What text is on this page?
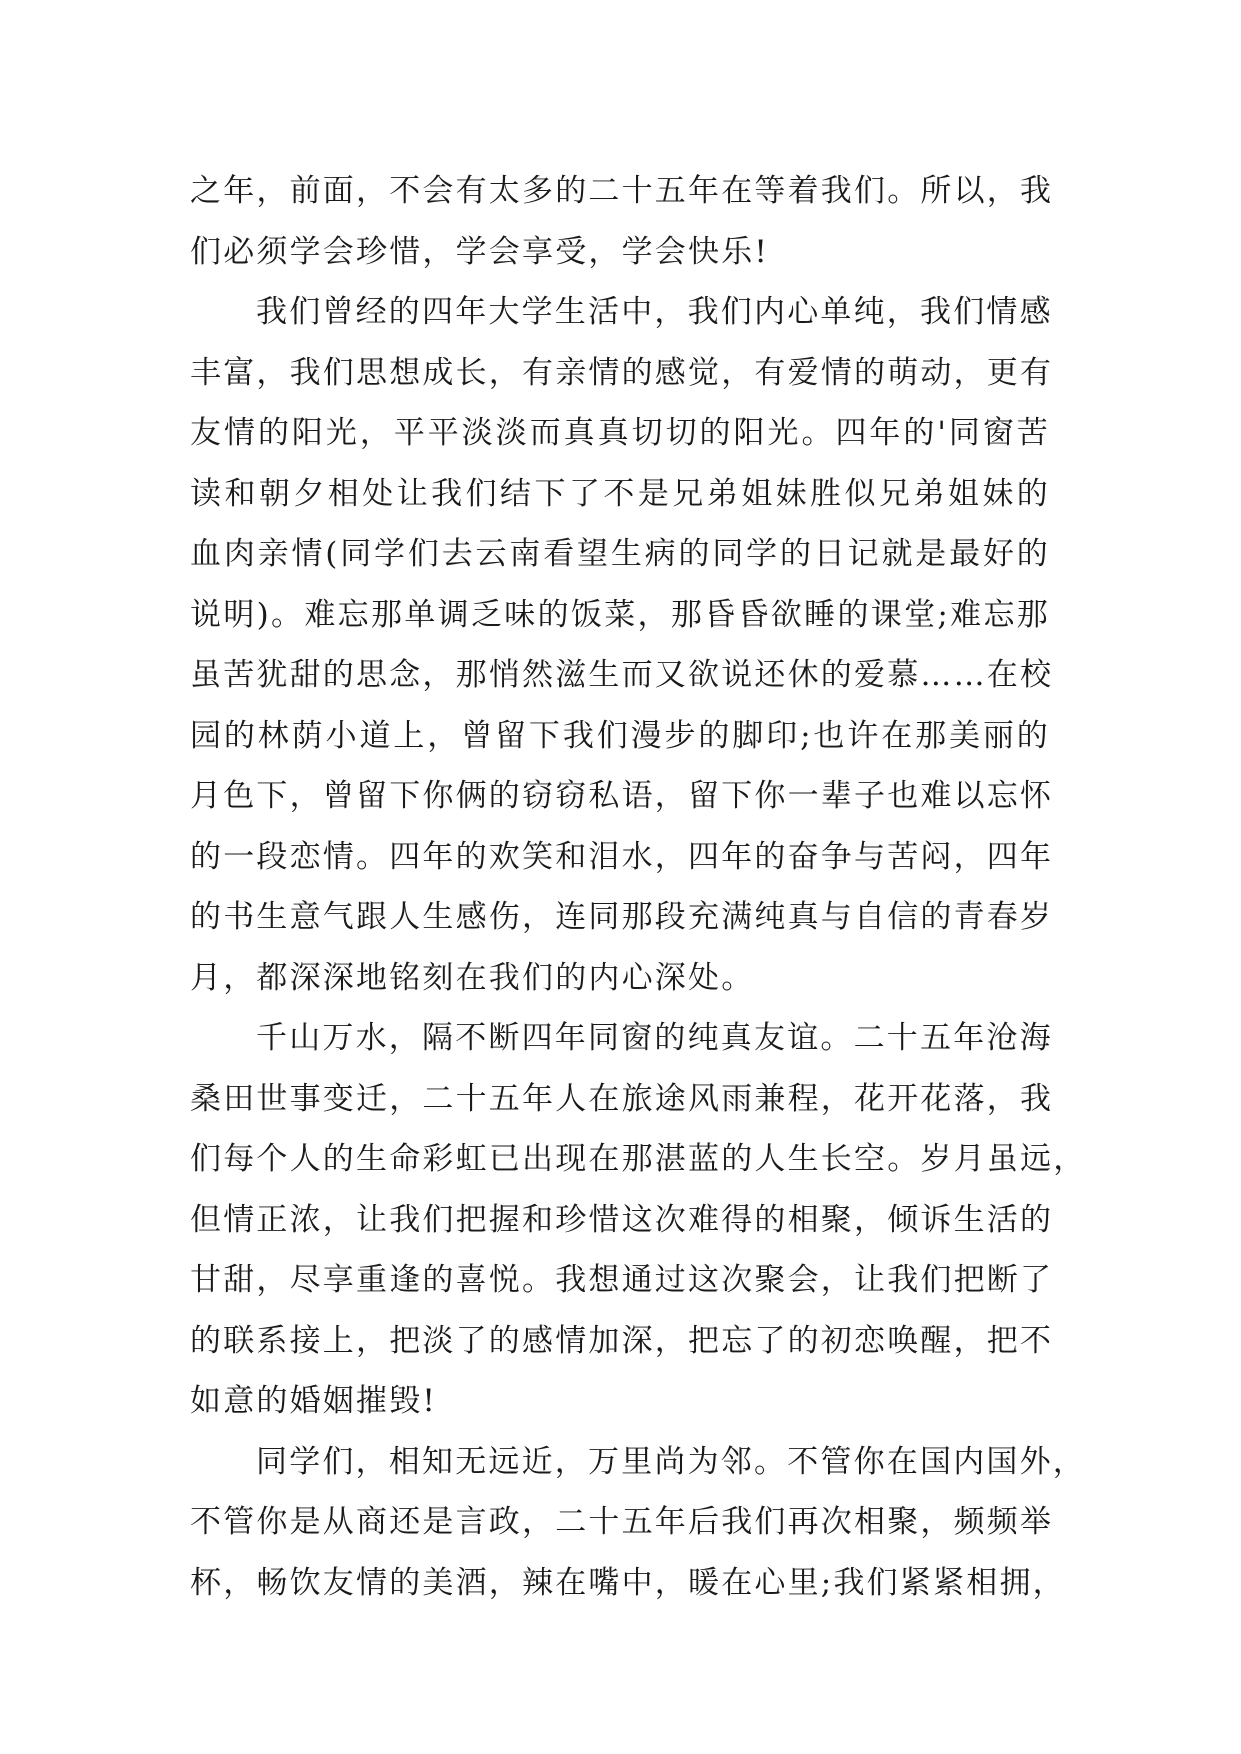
之年，前面，不会有太多的二十五年在等着我们。所以，我
们必须学会珍惜，学会享受，学会快乐!
我们曾经的四年大学生活中，我们内心单纯，我们情感
丰富，我们思想成长，有亲情的感觉，有爱情的萌动，更有
友情的阳光，平平淡淡而真真切切的阳光。四年的'同窗苦
读和朝夕相处让我们结下了不是兄弟姐妹胜似兄弟姐妹的
血肉亲情(同学们去云南看望生病的同学的日记就是最好的
说明)。难忘那单调乏味的饭菜，那昏昏欲睡的课堂;难忘那
虽苦犹甜的思念，那悄然滋生而又欲说还休的爱慕……在校
园的林荫小道上，曾留下我们漫步的脚印;也许在那美丽的
月色下，曾留下你俩的窃窃私语，留下你一辈子也难以忘怀
的一段恋情。四年的欢笑和泪水，四年的奋争与苦闷，四年
的书生意气跟人生感伤，连同那段充满纯真与自信的青春岁
月，都深深地铭刻在我们的内心深处。
千山万水，隔不断四年同窗的纯真友谊。二十五年沧海
桑田世事变迁，二十五年人在旅途风雨兼程，花开花落，我
们每个人的生命彩虹已出现在那湛蓝的人生长空。岁月虽远，
但情正浓，让我们把握和珍惜这次难得的相聚，倾诉生活的
甘甜，尽享重逢的喜悦。我想通过这次聚会，让我们把断了
的联系接上，把淡了的感情加深，把忘了的初恋唤醒，把不
如意的婚姻摧毁!
同学们，相知无远近，万里尚为邻。不管你在国内国外，
不管你是从商还是言政，二十五年后我们再次相聚，频频举
杯，畅饮友情的美酒，辣在嘴中，暖在心里;我们紧紧相拥，
